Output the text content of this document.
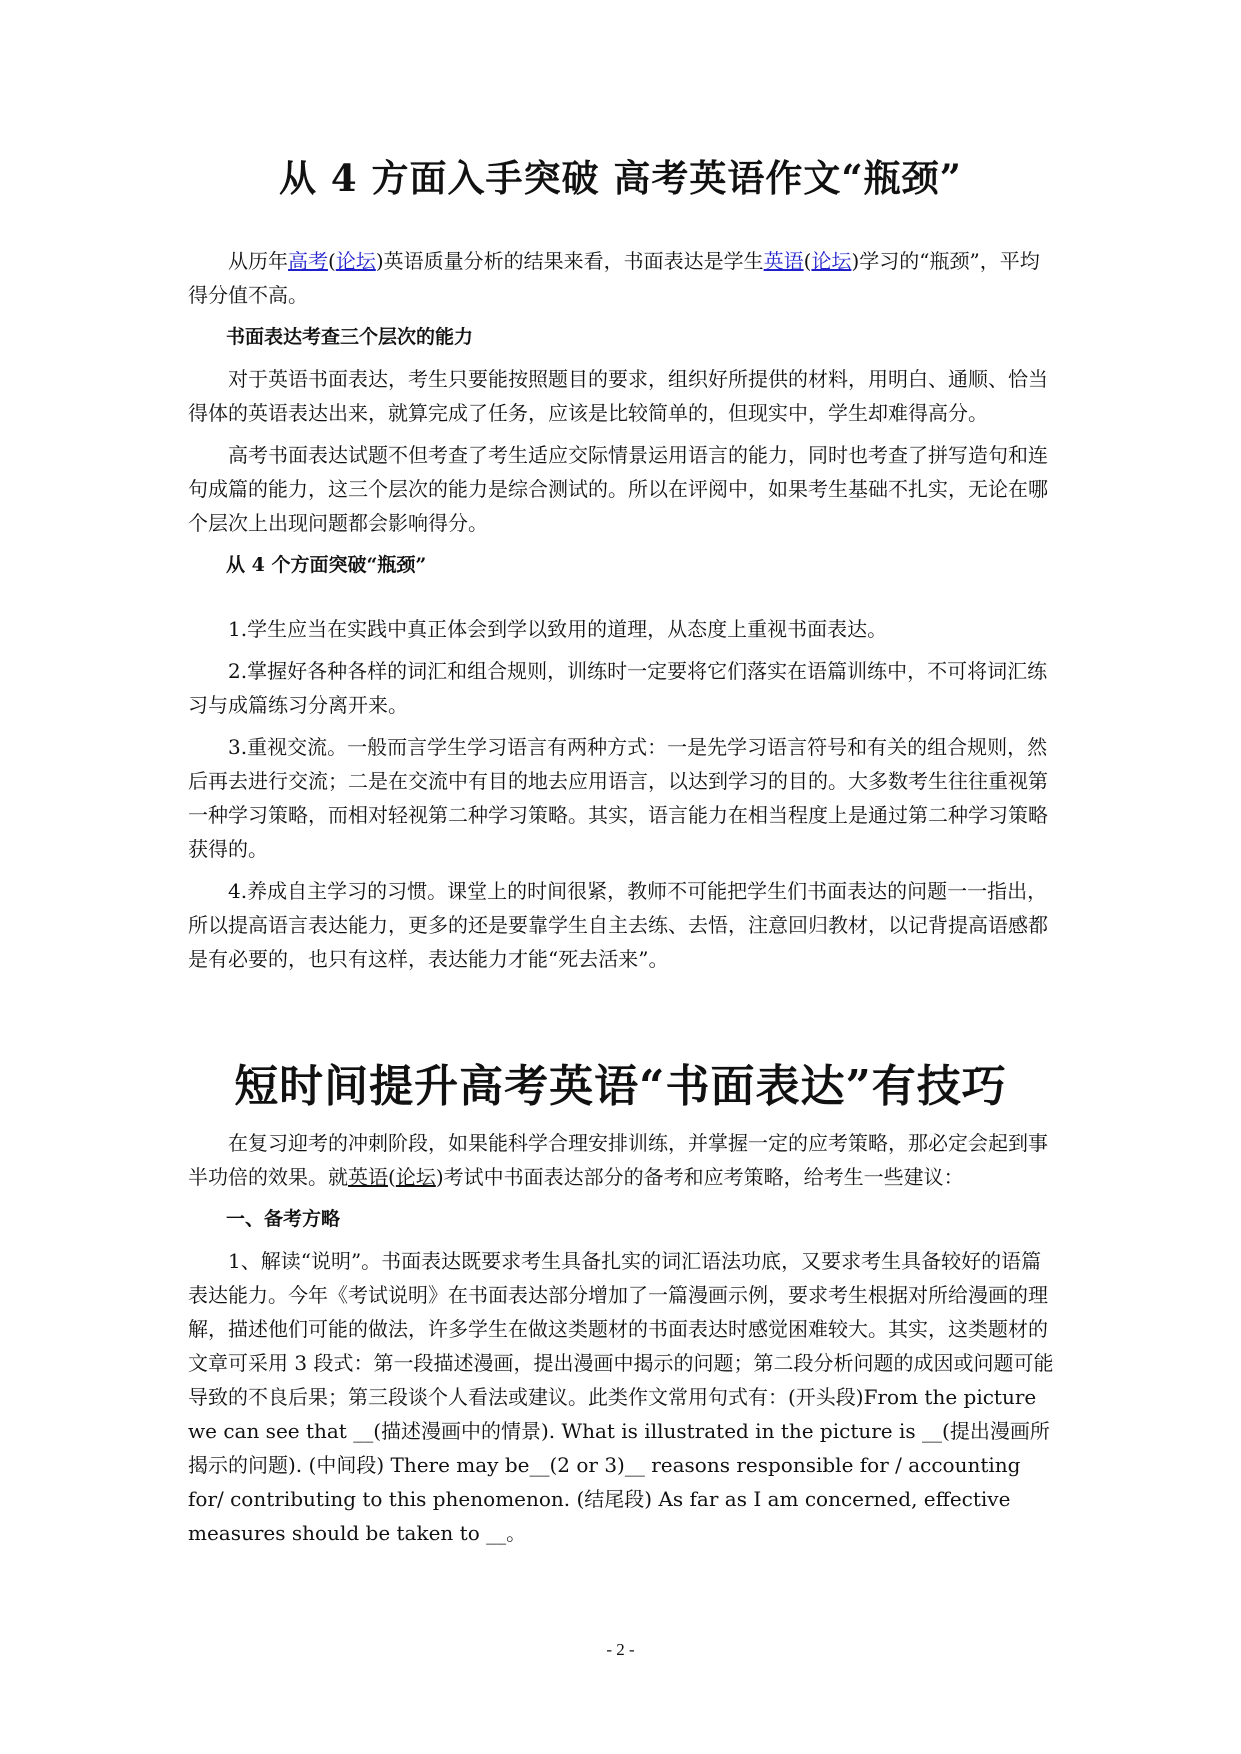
从 4 方面入手突破 高考英语作文“瓶颈”

从历年高考(论坛)英语质量分析的结果来看，书面表达是学生英语(论坛)学习的“瓶颈”，平均得分值不高。

书面表达考查三个层次的能力

对于英语书面表达，考生只要能按照题目的要求，组织好所提供的材料，用明白、通顺、恰当得体的英语表达出来，就算完成了任务，应该是比较简单的，但现实中，学生却难得高分。

高考书面表达试题不但考查了考生适应交际情景运用语言的能力，同时也考查了拼写造句和连句成篇的能力，这三个层次的能力是综合测试的。所以在评阅中，如果考生基础不扎实，无论在哪个层次上出现问题都会影响得分。

从 4 个方面突破“瓶颈”

1.学生应当在实践中真正体会到学以致用的道理，从态度上重视书面表达。

2.掌握好各种各样的词汇和组合规则，训练时一定要将它们落实在语篇训练中，不可将词汇练习与成篇练习分离开来。

3.重视交流。一般而言学生学习语言有两种方式：一是先学习语言符号和有关的组合规则，然后再去进行交流；二是在交流中有目的地去应用语言，以达到学习的目的。大多数考生往往重视第一种学习策略，而相对轻视第二种学习策略。其实，语言能力在相当程度上是通过第二种学习策略获得的。

4.养成自主学习的习惯。课堂上的时间很紧，教师不可能把学生们书面表达的问题一一指出，所以提高语言表达能力，更多的还是要靠学生自主去练、去悟，注意回归教材，以记背提高语感都是有必要的，也只有这样，表达能力才能“死去活来”。

短时间提升高考英语“书面表达”有技巧

在复习迎考的冲刺阶段，如果能科学合理安排训练，并掌握一定的应考策略，那必定会起到事半功倍的效果。就英语(论坛)考试中书面表达部分的备考和应考策略，给考生一些建议：

一、备考方略

1、解读“说明”。书面表达既要求考生具备扎实的词汇语法功底，又要求考生具备较好的语篇表达能力。今年《考试说明》在书面表达部分增加了一篇漫画示例，要求考生根据对所给漫画的理解，描述他们可能的做法，许多学生在做这类题材的书面表达时感觉困难较大。其实，这类题材的文章可采用 3 段式：第一段描述漫画，提出漫画中揭示的问题；第二段分析问题的成因或问题可能导致的不良后果；第三段谈个人看法或建议。此类作文常用句式有：(开头段)From the picture we can see that __(描述漫画中的情景). What is illustrated in the picture is __(提出漫画所揭示的问题). (中间段) There may be__(2 or 3)__ reasons responsible for / accounting for/ contributing to this phenomenon. (结尾段) As far as I am concerned, effective measures should be taken to __。

- 2 -
